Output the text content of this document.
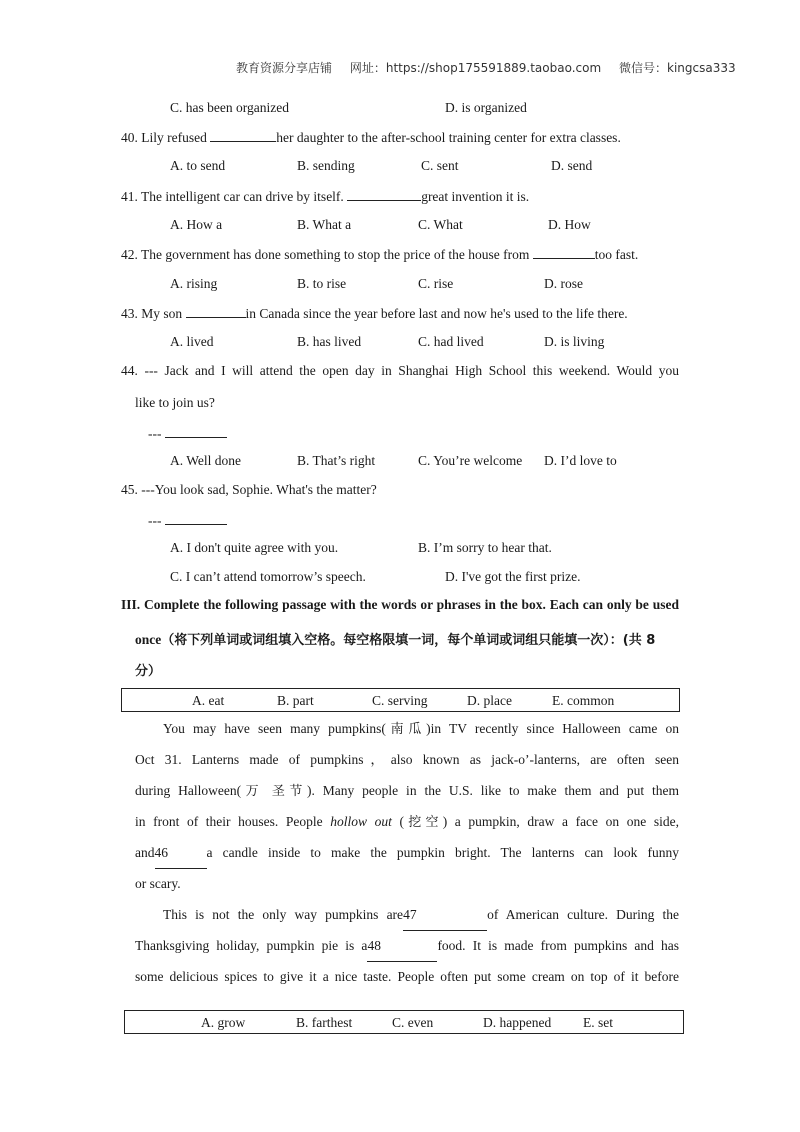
教育资源分享店铺 网址：https://shop175591889.taobao.com 微信号：kingcsa333
C. has been organized	D. is organized
40. Lily refused	her daughter to the after-school training center for extra classes.
A. to send	B. sending	C. sent	D. send
41. The intelligent car can drive by itself.	great invention it is.
A. How a	B. What a	C. What	D. How
42. The government has done something to stop the price of the house from	too fast.
A. rising	B. to rise	C. rise	D. rose
43. My son	in Canada since the year before last and now he's used to the life there.
A. lived	B. has lived	C. had lived	D. is living
44. --- Jack and I will attend the open day in Shanghai High School this weekend. Would you
like to join us?
---
A. Well done	B. That’s right	C. You’re welcome D. I’d love to
45. ---You look sad, Sophie. What's the matter?
---
A. I don't quite agree with you.	B. I’m sorry to hear that.
C. I can’t attend tomorrow’s speech.	D. I've got the first prize.
III. Complete the following passage with the words or phrases in the box. Each can only be used
once（将下列单词或词组填入空格。每空格限填一词，每个单词或词组只能填一次）：(共 8
分）
A. eat	B. part	C. serving	D. place	E. common
You may have seen many pumpkins(南瓜)in TV recently since Halloween came on
Oct 31. Lanterns made of pumpkins，also known as jack-o’-lanterns, are often seen
during Halloween(万 圣节). Many people in the U.S. like to make them and put them
in front of their houses. People hollow out (挖空) a pumpkin, draw a face on one side,
and46	a candle inside to make the pumpkin bright. The lanterns can look funny
or scary.
This is not the only way pumpkins are47	of American culture. During the
Thanksgiving holiday, pumpkin pie is a48	food. It is made from pumpkins and has
some delicious spices to give it a nice taste. People often put some cream on top of it before
A. grow	B. farthest	C. even	D. happened E. set
